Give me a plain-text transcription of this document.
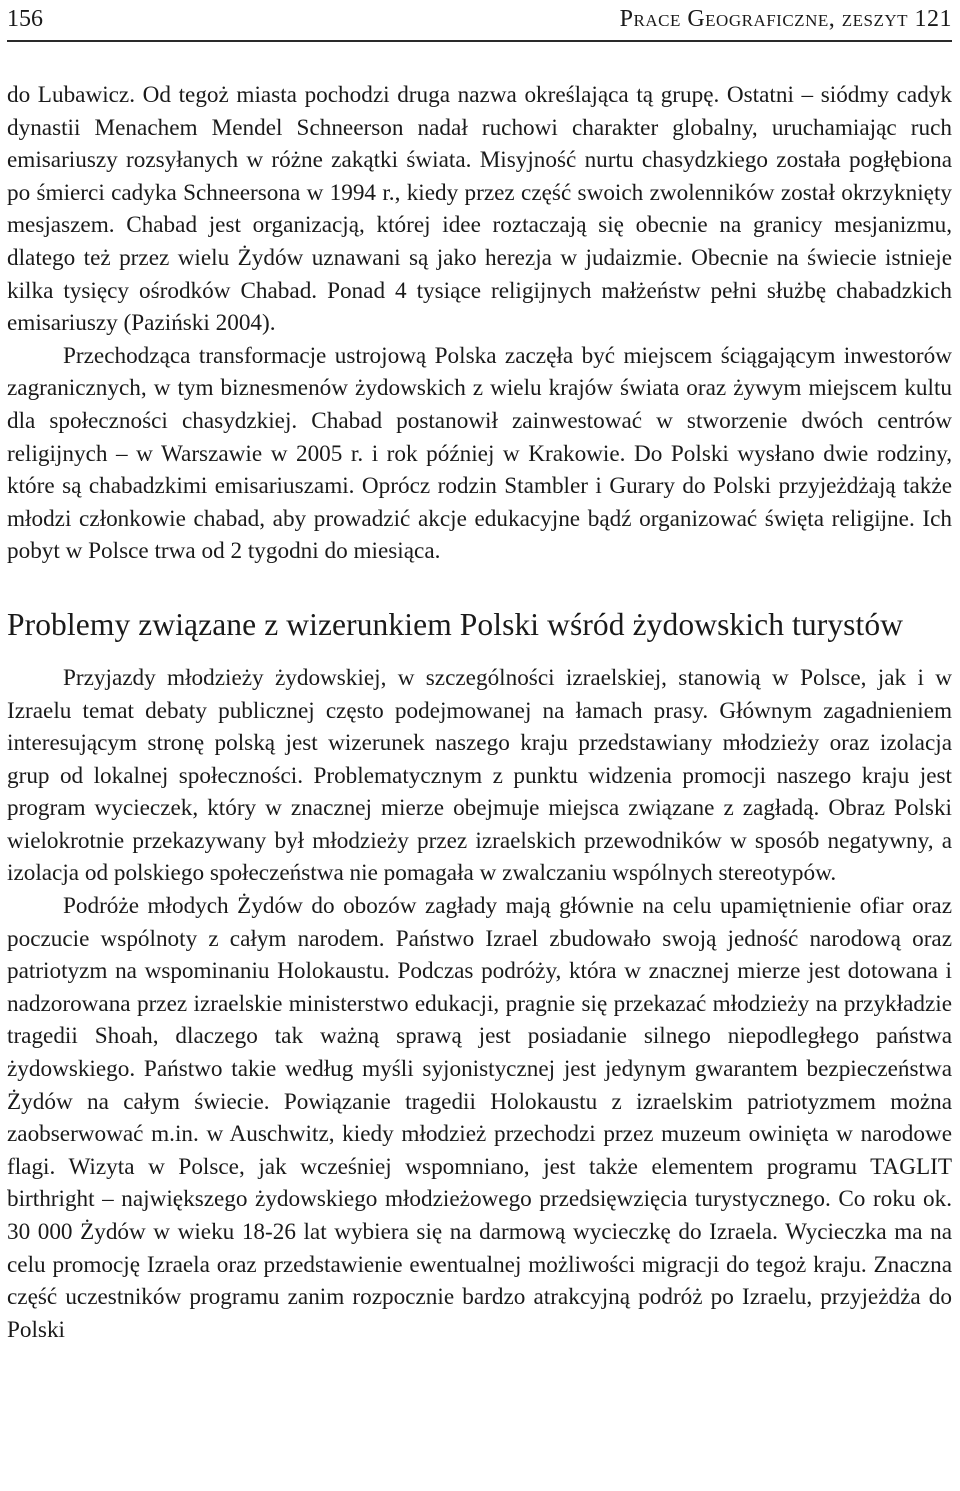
156	Prace Geograficzne, zeszyt 121

do Lubawicz. Od tegoż miasta pochodzi druga nazwa określająca tą grupę. Ostatni – siódmy cadyk dynastii Menachem Mendel Schneerson nadał ruchowi charakter globalny, uruchamiając ruch emisariuszy rozsyłanych w różne zakątki świata. Misyjność nurtu chasydzkiego została pogłębiona po śmierci cadyka Schneersona w 1994 r., kiedy przez część swoich zwolenników został okrzyknięty mesjaszem. Chabad jest organizacją, której idee roztaczają się obecnie na granicy mesjanizmu, dlatego też przez wielu Żydów uznawani są jako herezja w judaizmie. Obecnie na świecie istnieje kilka tysięcy ośrodków Chabad. Ponad 4 tysiące religijnych małżeństw pełni służbę chabadzkich emisariuszy (Paziński 2004).

Przechodząca transformacje ustrojową Polska zaczęła być miejscem ściągającym inwestorów zagranicznych, w tym biznesmenów żydowskich z wielu krajów świata oraz żywym miejscem kultu dla społeczności chasydzkiej. Chabad postanowił zainwestować w stworzenie dwóch centrów religijnych – w Warszawie w 2005 r. i rok później w Krakowie. Do Polski wysłano dwie rodziny, które są chabadzkimi emisariuszami. Oprócz rodzin Stambler i Gurary do Polski przyjeżdżają także młodzi członkowie chabad, aby prowadzić akcje edukacyjne bądź organizować święta religijne. Ich pobyt w Polsce trwa od 2 tygodni do miesiąca.

Problemy związane z wizerunkiem Polski wśród żydowskich turystów

Przyjazdy młodzieży żydowskiej, w szczególności izraelskiej, stanowią w Polsce, jak i w Izraelu temat debaty publicznej często podejmowanej na łamach prasy. Głównym zagadnieniem interesującym stronę polską jest wizerunek naszego kraju przedstawiany młodzieży oraz izolacja grup od lokalnej społeczności. Problematycznym z punktu widzenia promocji naszego kraju jest program wycieczek, który w znacznej mierze obejmuje miejsca związane z zagładą. Obraz Polski wielokrotnie przekazywany był młodzieży przez izraelskich przewodników w sposób negatywny, a izolacja od polskiego społeczeństwa nie pomagała w zwalczaniu wspólnych stereotypów.

Podróże młodych Żydów do obozów zagłady mają głównie na celu upamiętnienie ofiar oraz poczucie wspólnoty z całym narodem. Państwo Izrael zbudowało swoją jedność narodową oraz patriotyzm na wspominaniu Holokaustu. Podczas podróży, która w znacznej mierze jest dotowana i nadzorowana przez izraelskie ministerstwo edukacji, pragnie się przekazać młodzieży na przykładzie tragedii Shoah, dlaczego tak ważną sprawą jest posiadanie silnego niepodległego państwa żydowskiego. Państwo takie według myśli syjonistycznej jest jedynym gwarantem bezpieczeństwa Żydów na całym świecie. Powiązanie tragedii Holokaustu z izraelskim patriotyzmem można zaobserwować m.in. w Auschwitz, kiedy młodzież przechodzi przez muzeum owinięta w narodowe flagi. Wizyta w Polsce, jak wcześniej wspomniano, jest także elementem programu TAGLIT birthright – największego żydowskiego młodzieżowego przedsięwzięcia turystycznego. Co roku ok. 30 000 Żydów w wieku 18-26 lat wybiera się na darmową wycieczkę do Izraela. Wycieczka ma na celu promocję Izraela oraz przedstawienie ewentualnej możliwości migracji do tegoż kraju. Znaczna część uczestników programu zanim rozpocznie bardzo atrakcyjną podróż po Izraelu, przyjeżdża do Polski
